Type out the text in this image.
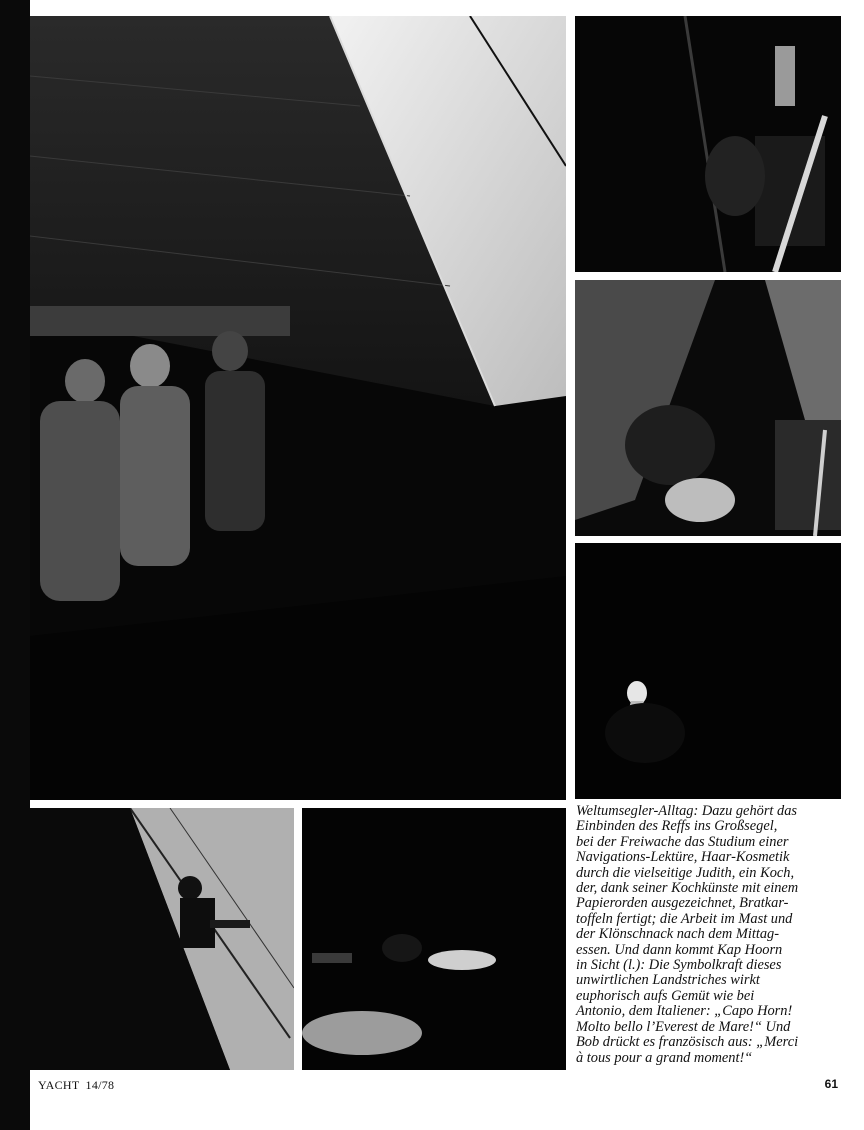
Weltumsegler-Alltag: Dazu gehört das
Einbinden des Reffs ins Großsegel,
bei der Freiwache das Studium einer
Navigations-Lektüre, Haar-Kosmetik
durch die vielseitige Judith, ein Koch,
der, dank seiner Kochkünste mit einem
Papierorden ausgezeichnet, Bratkar-
toffeln fertigt; die Arbeit im Mast und
der Klönschnack nach dem Mittag-
essen. Und dann kommt Kap Hoorn
in Sicht (l.): Die Symbolkraft dieses
unwirtlichen Landstriches wirkt
euphorisch aufs Gemüt wie bei
Antonio, dem Italiener: „Capo Horn!
Molto bello l’Everest de Mare!“ Und
Bob drückt es französisch aus: „Merci
à tous pour a grand moment!“

YACHT 14/78	61
